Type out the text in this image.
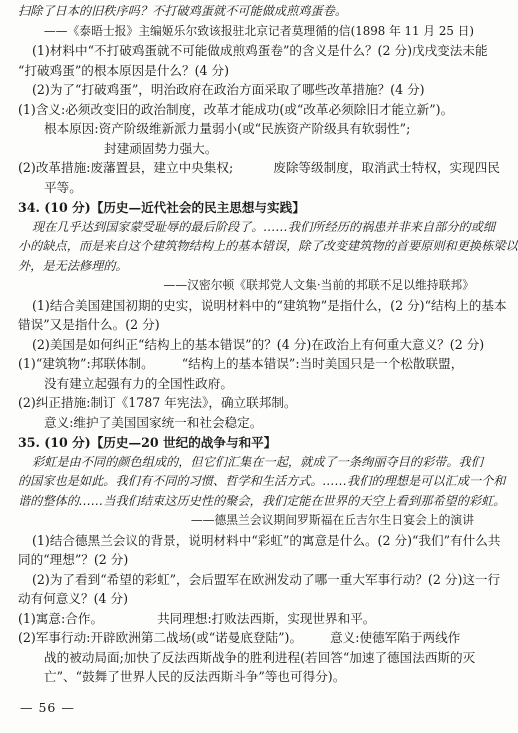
扫除了日本的旧秩序吗？不打破鸡蛋就不可能做成煎鸡蛋卷。
——《泰晤士报》主编姬乐尔致该报驻北京记者莫理循的信(1898 年 11 月 25 日)
(1)材料中“不打破鸡蛋就不可能做成煎鸡蛋卷”的含义是什么？(2 分)戊戌变法未能
“打破鸡蛋”的根本原因是什么？(4 分)
(2)为了“打破鸡蛋”，明治政府在政治方面采取了哪些改革措施？(4 分)
(1)含义:必须改变旧的政治制度，改革才能成功(或“改革必须除旧才能立新”)。
根本原因:资产阶级维新派力量弱小(或“民族资产阶级具有软弱性”;
封建顽固势力强大。
(2)改革措施:废藩置县，建立中央集权;	废除等级制度，取消武士特权，实现四民
平等。
34. (10 分)【历史—近代社会的民主思想与实践】
现在几乎达到国家蒙受耻辱的最后阶段了。……我们所经历的祸患并非来自部分的或细
小的缺点，而是来自这个建筑物结构上的基本错误，除了改变建筑物的首要原则和更换栋梁以
外，是无法修理的。
——汉密尔顿《联邦党人文集·当前的邦联不足以维持联邦》
(1)结合美国建国初期的史实，说明材料中的“建筑物”是指什么，(2 分)“结构上的基本
错误”又是指什么。(2 分)
(2)美国是如何纠正“结构上的基本错误”的？(4 分)在政治上有何重大意义？(2 分)
(1)“建筑物”:邦联体制。 “结构上的基本错误”:当时美国只是一个松散联盟，
没有建立起强有力的全国性政府。
(2)纠正措施:制订《1787 年宪法》，确立联邦制。
意义:维护了美国国家统一和社会稳定。
35. (10 分)【历史—20 世纪的战争与和平】
彩虹是由不同的颜色组成的，但它们汇集在一起，就成了一条绚丽夺目的彩带。我们
的国家也是如此。我们有不同的习惯、哲学和生活方式。……我们的理想是可以汇成一个和
谐的整体的……当我们结束这历史性的聚会，我们定能在世界的天空上看到那希望的彩虹。
——德黑兰会议期间罗斯福在丘吉尔生日宴会上的演讲
(1)结合德黑兰会议的背景，说明材料中“彩虹”的寓意是什么。(2 分)“我们”有什么共
同的“理想”？(2 分)
(2)为了看到“希望的彩虹”，会后盟军在欧洲发动了哪一重大军事行动？(2 分)这一行
动有何意义？(4 分)
(1)寓意:合作。	共同理想:打败法西斯，实现世界和平。
(2)军事行动:开辟欧洲第二战场(或“诺曼底登陆”)。 意义:使德军陷于两线作
战的被动局面;加快了反法西斯战争的胜利进程(若回答“加速了德国法西斯的灭
亡”、“鼓舞了世界人民的反法西斯斗争”等也可得分)。
— 56 —
